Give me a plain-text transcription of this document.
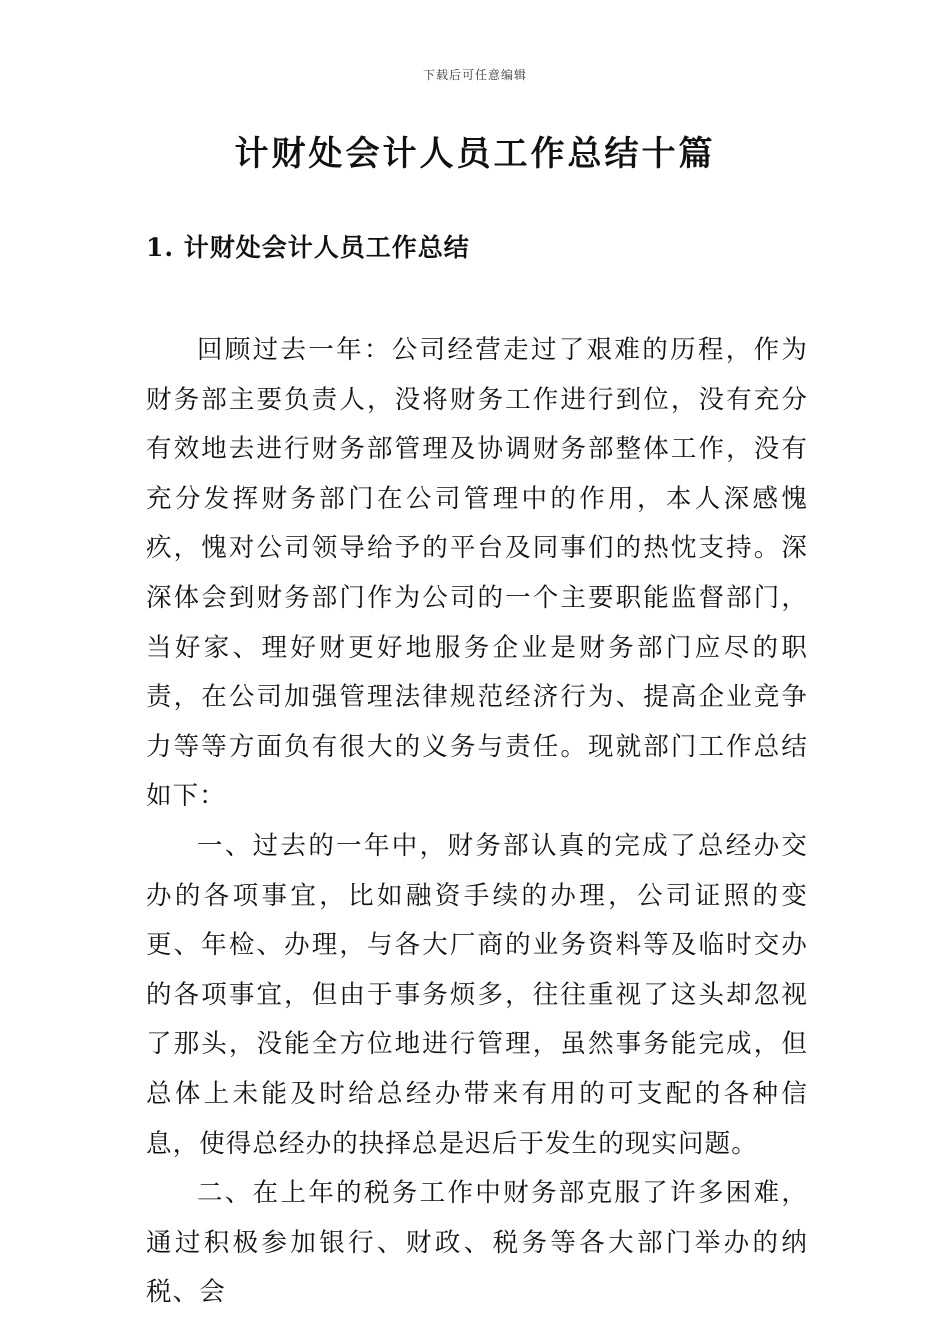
下载后可任意编辑
计财处会计人员工作总结十篇
1. 计财处会计人员工作总结

回顾过去一年：公司经营走过了艰难的历程，作为财务部主要负责人，没将财务工作进行到位，没有充分有效地去进行财务部管理及协调财务部整体工作，没有充分发挥财务部门在公司管理中的作用，本人深感愧疚，愧对公司领导给予的平台及同事们的热忱支持。深深体会到财务部门作为公司的一个主要职能监督部门，当好家、理好财更好地服务企业是财务部门应尽的职责，在公司加强管理法律规范经济行为、提高企业竞争力等等方面负有很大的义务与责任。现就部门工作总结如下：

一、过去的一年中，财务部认真的完成了总经办交办的各项事宜，比如融资手续的办理，公司证照的变更、年检、办理，与各大厂商的业务资料等及临时交办的各项事宜，但由于事务烦多，往往重视了这头却忽视了那头，没能全方位地进行管理，虽然事务能完成，但总体上未能及时给总经办带来有用的可支配的各种信息，使得总经办的抉择总是迟后于发生的现实问题。

二、在上年的税务工作中财务部克服了许多困难，通过积极参加银行、财政、税务等各大部门举办的纳税、会
